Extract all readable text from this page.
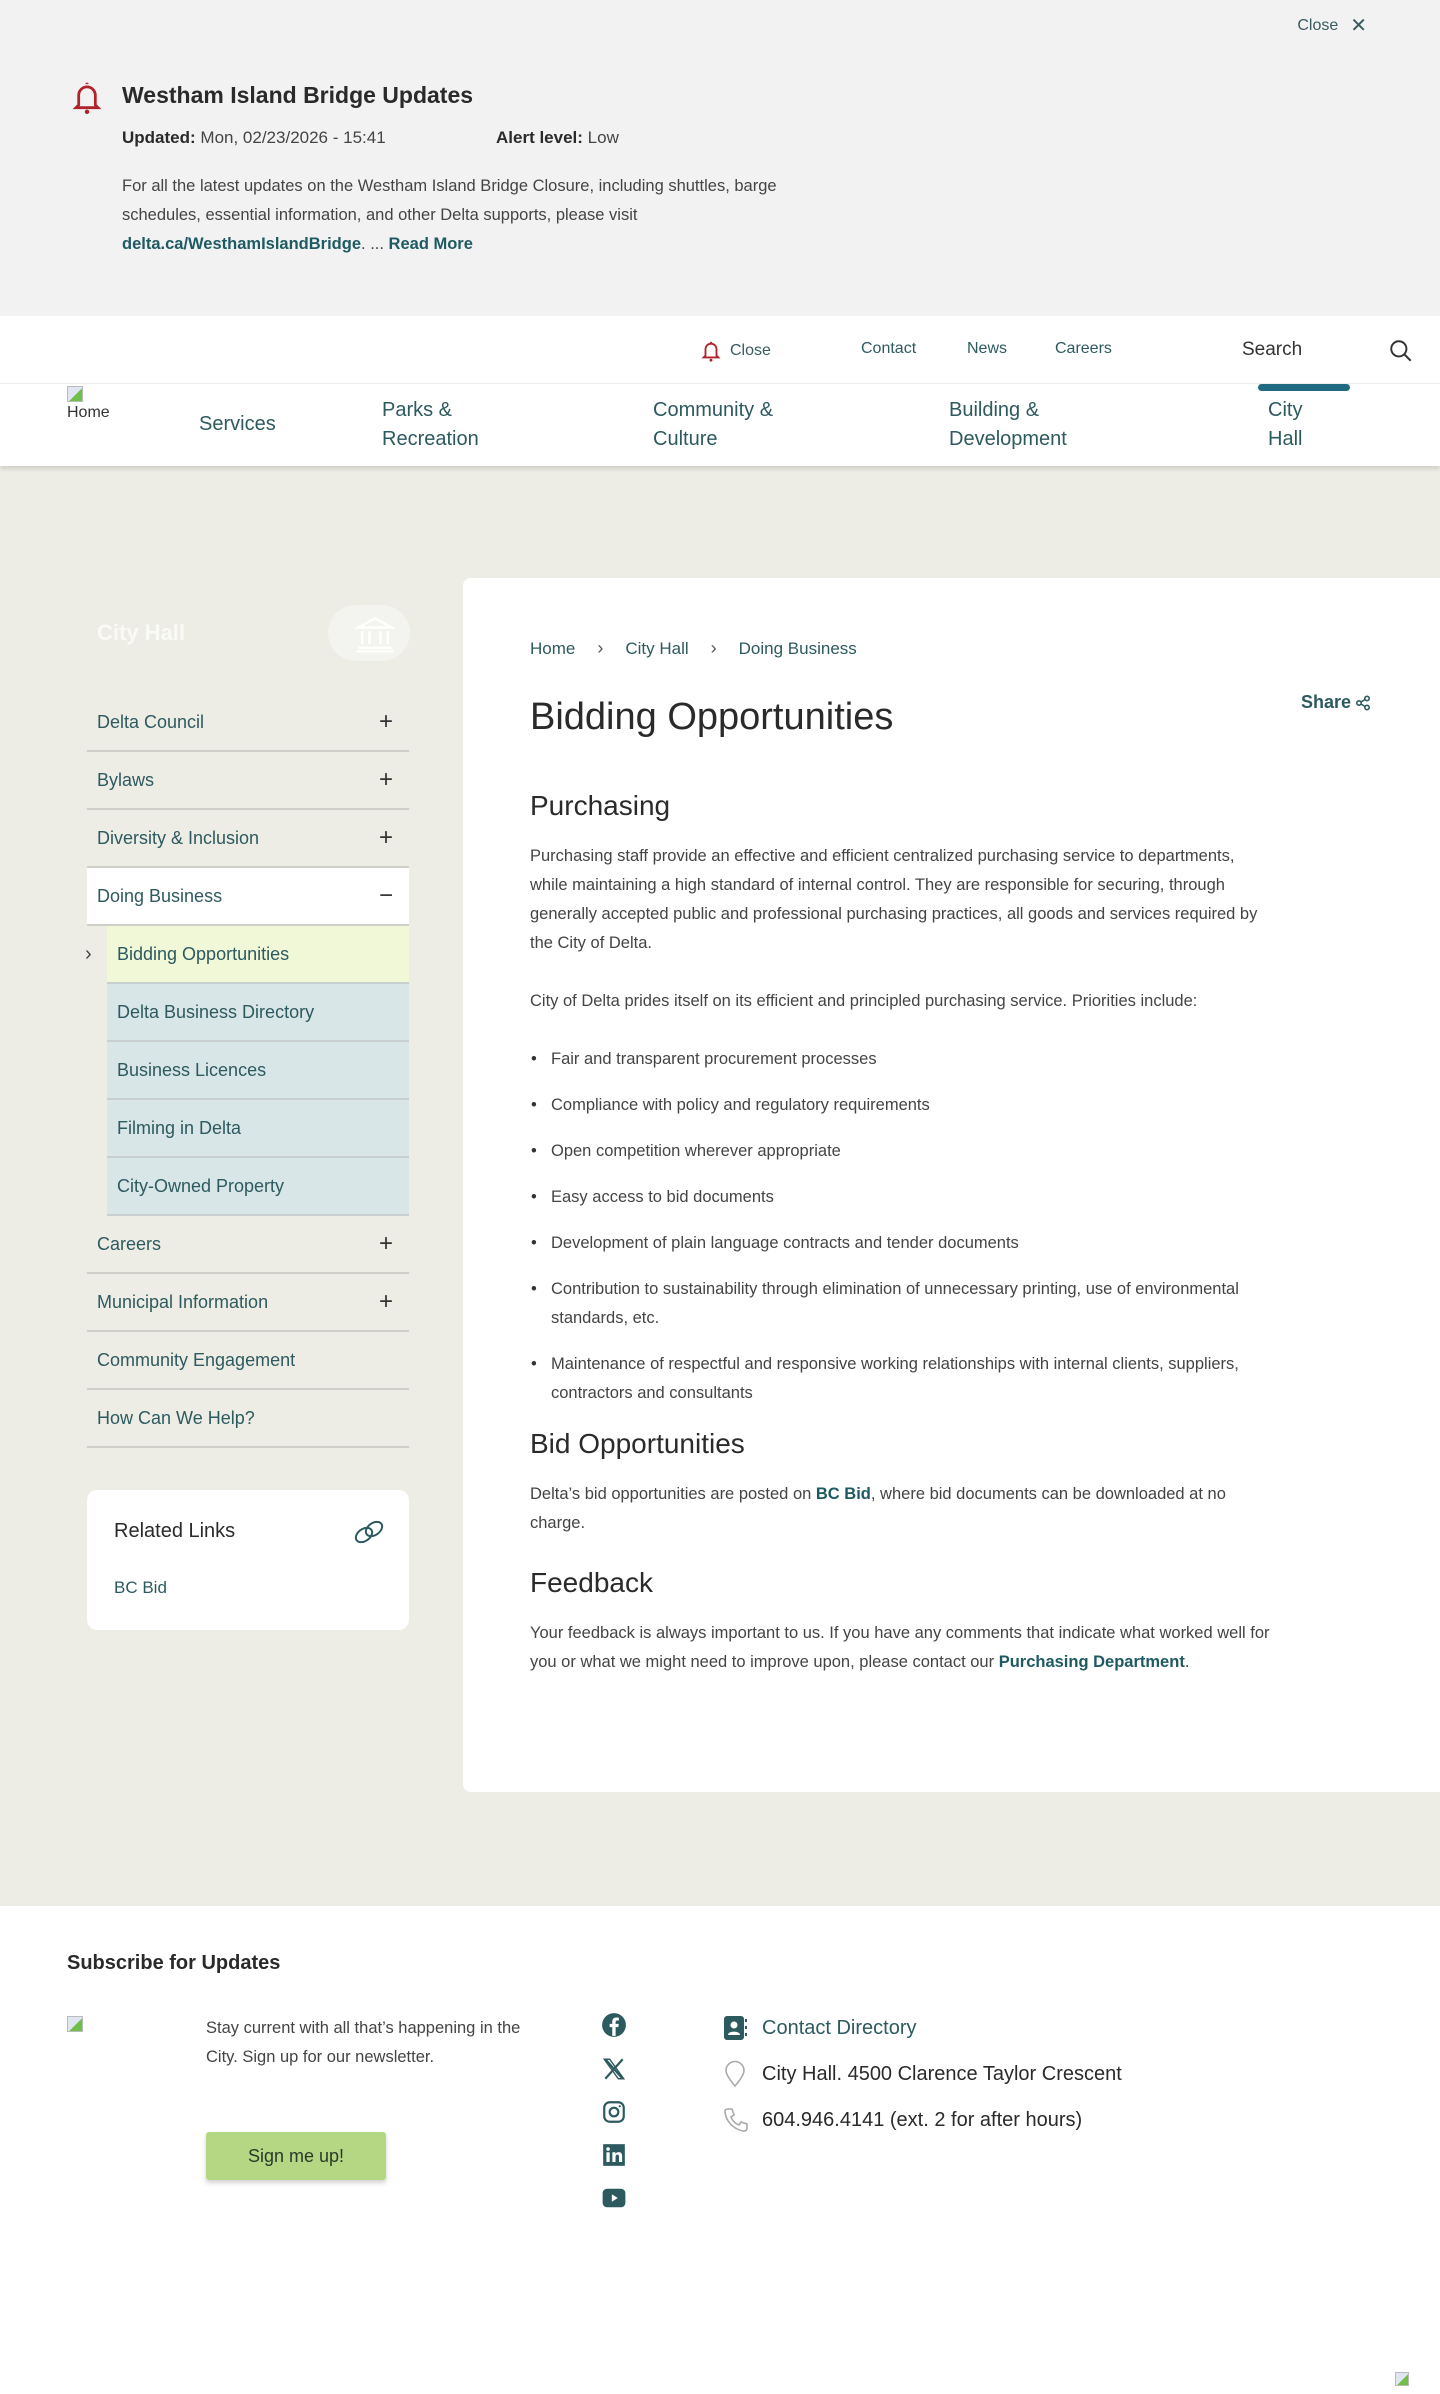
Close ✕
Westham Island Bridge Updates
Updated: Mon, 02/23/2026 - 15:41	Alert level: Low

For all the latest updates on the Westham Island Bridge Closure, including shuttles, barge schedules, essential information, and other Delta supports, please visit delta.ca/WesthamIslandBridge. ... Read More

Close	Contact	News	Careers	Search
Home
Services
Parks & Recreation
Community & Culture
Building & Development
City Hall
City Hall
Delta Council	+
Bylaws	+
Diversity & Inclusion	+
Doing Business	−
› Bidding Opportunities
Delta Business Directory
Business Licences
Filming in Delta
City-Owned Property
Careers	+
Municipal Information	+
Community Engagement
How Can We Help?
Related Links
BC Bid
Home › City Hall › Doing Business
Share
Bidding Opportunities
Purchasing

Purchasing staff provide an effective and efficient centralized purchasing service to departments, while maintaining a high standard of internal control. They are responsible for securing, through generally accepted public and professional purchasing practices, all goods and services required by the City of Delta.

City of Delta prides itself on its efficient and principled purchasing service. Priorities include:

• Fair and transparent procurement processes
• Compliance with policy and regulatory requirements
• Open competition wherever appropriate
• Easy access to bid documents
• Development of plain language contracts and tender documents
• Contribution to sustainability through elimination of unnecessary printing, use of environmental standards, etc.
• Maintenance of respectful and responsive working relationships with internal clients, suppliers, contractors and consultants
Bid Opportunities

Delta’s bid opportunities are posted on BC Bid, where bid documents can be downloaded at no charge.

Feedback

Your feedback is always important to us. If you have any comments that indicate what worked well for you or what we might need to improve upon, please contact our Purchasing Department.

Subscribe for Updates

Stay current with all that’s happening in the City. Sign up for our newsletter.

Sign me up!
Contact Directory
City Hall. 4500 Clarence Taylor Crescent
604.946.4141 (ext. 2 for after hours)
